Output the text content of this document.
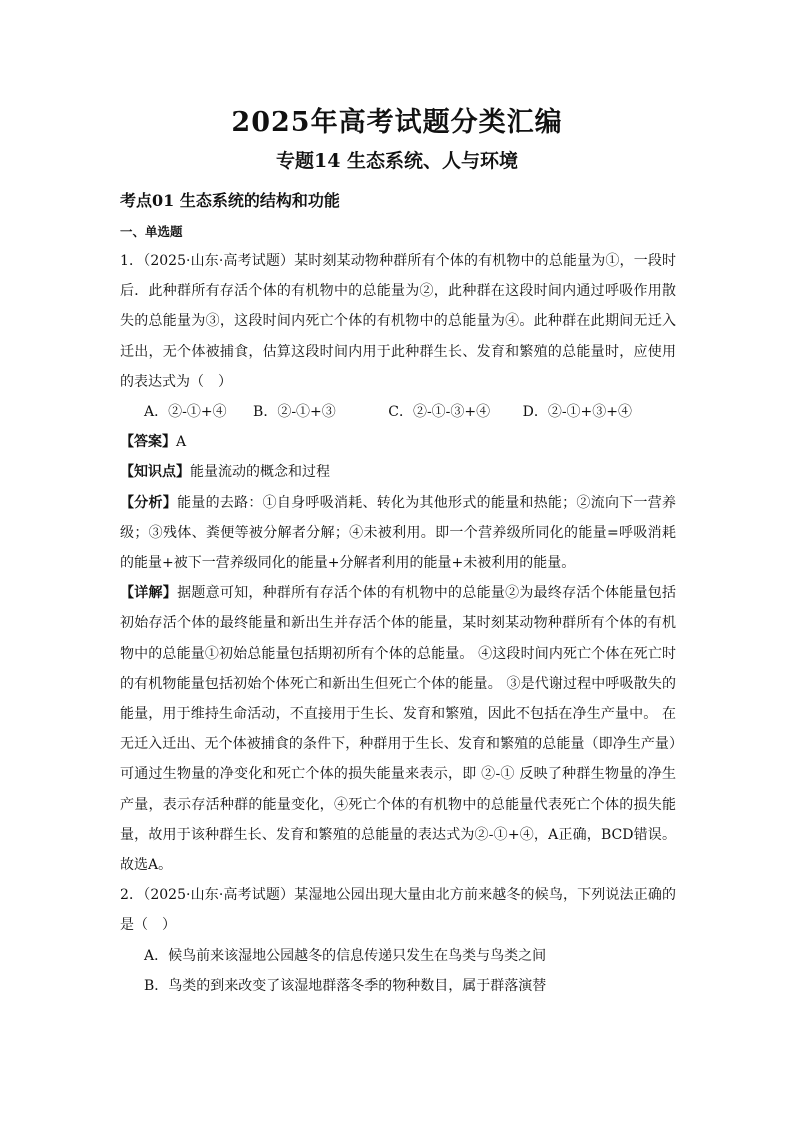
2025年高考试题分类汇编
专题14 生态系统、人与环境
考点01 生态系统的结构和功能
一、单选题

1．（2025·山东·高考试题）某时刻某动物种群所有个体的有机物中的总能量为①，一段时后．此种群所有存活个体的有机物中的总能量为②，此种群在这段时间内通过呼吸作用散失的总能量为③，这段时间内死亡个体的有机物中的总能量为④。此种群在此期间无迁入迁出，无个体被捕食，估算这段时间内用于此种群生长、发育和繁殖的总能量时，应使用的表达式为（　）

A．②-①+④ B．②-①+③	C．②-①-③+④ D．②-①+③+④

【答案】A

【知识点】能量流动的概念和过程

【分析】能量的去路：①自身呼吸消耗、转化为其他形式的能量和热能；②流向下一营养级；③残体、粪便等被分解者分解；④未被利用。即一个营养级所同化的能量=呼吸消耗的能量+被下一营养级同化的能量+分解者利用的能量+未被利用的能量。

【详解】据题意可知，种群所有存活个体的有机物中的总能量②为最终存活个体能量包括初始存活个体的最终能量和新出生并存活个体的能量，某时刻某动物种群所有个体的有机物中的总能量①初始总能量包括期初所有个体的总能量。 ④这段时间内死亡个体在死亡时的有机物能量包括初始个体死亡和新出生但死亡个体的能量。 ③是代谢过程中呼吸散失的能量，用于维持生命活动，不直接用于生长、发育和繁殖，因此不包括在净生产量中。 在无迁入迁出、无个体被捕食的条件下，种群用于生长、发育和繁殖的总能量（即净生产量）可通过生物量的净变化和死亡个体的损失能量来表示，即 ②-① 反映了种群生物量的净生产量，表示存活种群的能量变化，④死亡个体的有机物中的总能量代表死亡个体的损失能量，故用于该种群生长、发育和繁殖的总能量的表达式为②-①+④，A正确，BCD错误。故选A。

2．（2025·山东·高考试题）某湿地公园出现大量由北方前来越冬的候鸟，下列说法正确的是（　）

A．候鸟前来该湿地公园越冬的信息传递只发生在鸟类与鸟类之间

B．鸟类的到来改变了该湿地群落冬季的物种数目，属于群落演替
